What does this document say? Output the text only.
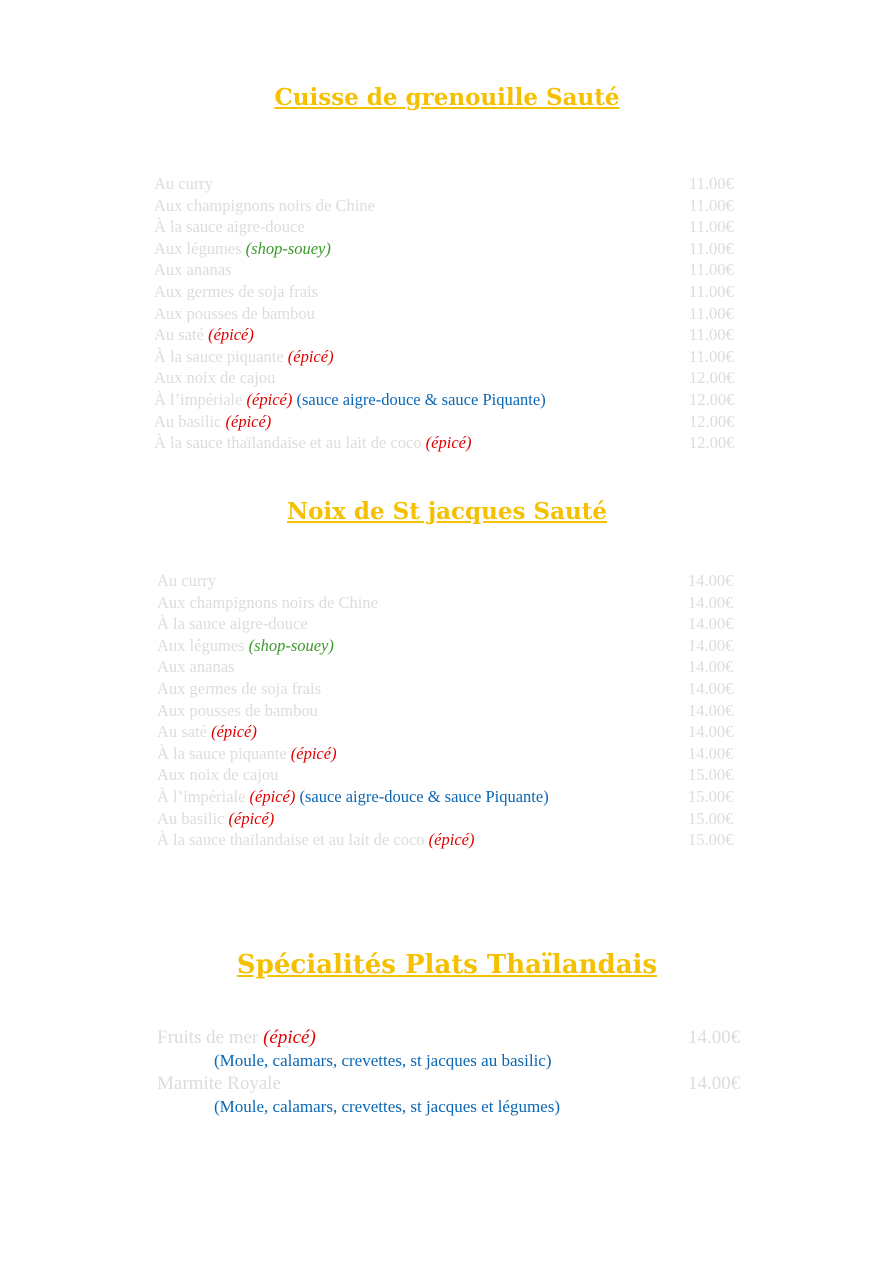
Cuisse de grenouille Sauté
Au curry	11.00€
Aux champignons noirs de Chine	11.00€
À la sauce aigre-douce	11.00€
Aux légumes (shop-souey)	11.00€
Aux ananas	11.00€
Aux germes de soja frais	11.00€
Aux pousses de bambou	11.00€
Au saté (épicé)	11.00€
À la sauce piquante (épicé)	11.00€
Aux noix de cajou	12.00€
À l’impériale (épicé) (sauce aigre-douce & sauce Piquante)	12.00€
Au basilic (épicé)	12.00€
À la sauce thaïlandaise et au lait de coco (épicé)	12.00€
Noix de St jacques Sauté
Au curry	14.00€
Aux champignons noirs de Chine	14.00€
À la sauce aigre-douce	14.00€
Aux légumes (shop-souey)	14.00€
Aux ananas	14.00€
Aux germes de soja frais	14.00€
Aux pousses de bambou	14.00€
Au saté (épicé)	14.00€
À la sauce piquante (épicé)	14.00€
Aux noix de cajou	15.00€
À l’impériale (épicé) (sauce aigre-douce & sauce Piquante)	15.00€
Au basilic (épicé)	15.00€
À la sauce thaïlandaise et au lait de coco (épicé)	15.00€
Spécialités Plats Thaïlandais
Fruits de mer (épicé)	14.00€
(Moule, calamars, crevettes, st jacques au basilic)
Marmite Royale	14.00€
(Moule, calamars, crevettes, st jacques et légumes)
